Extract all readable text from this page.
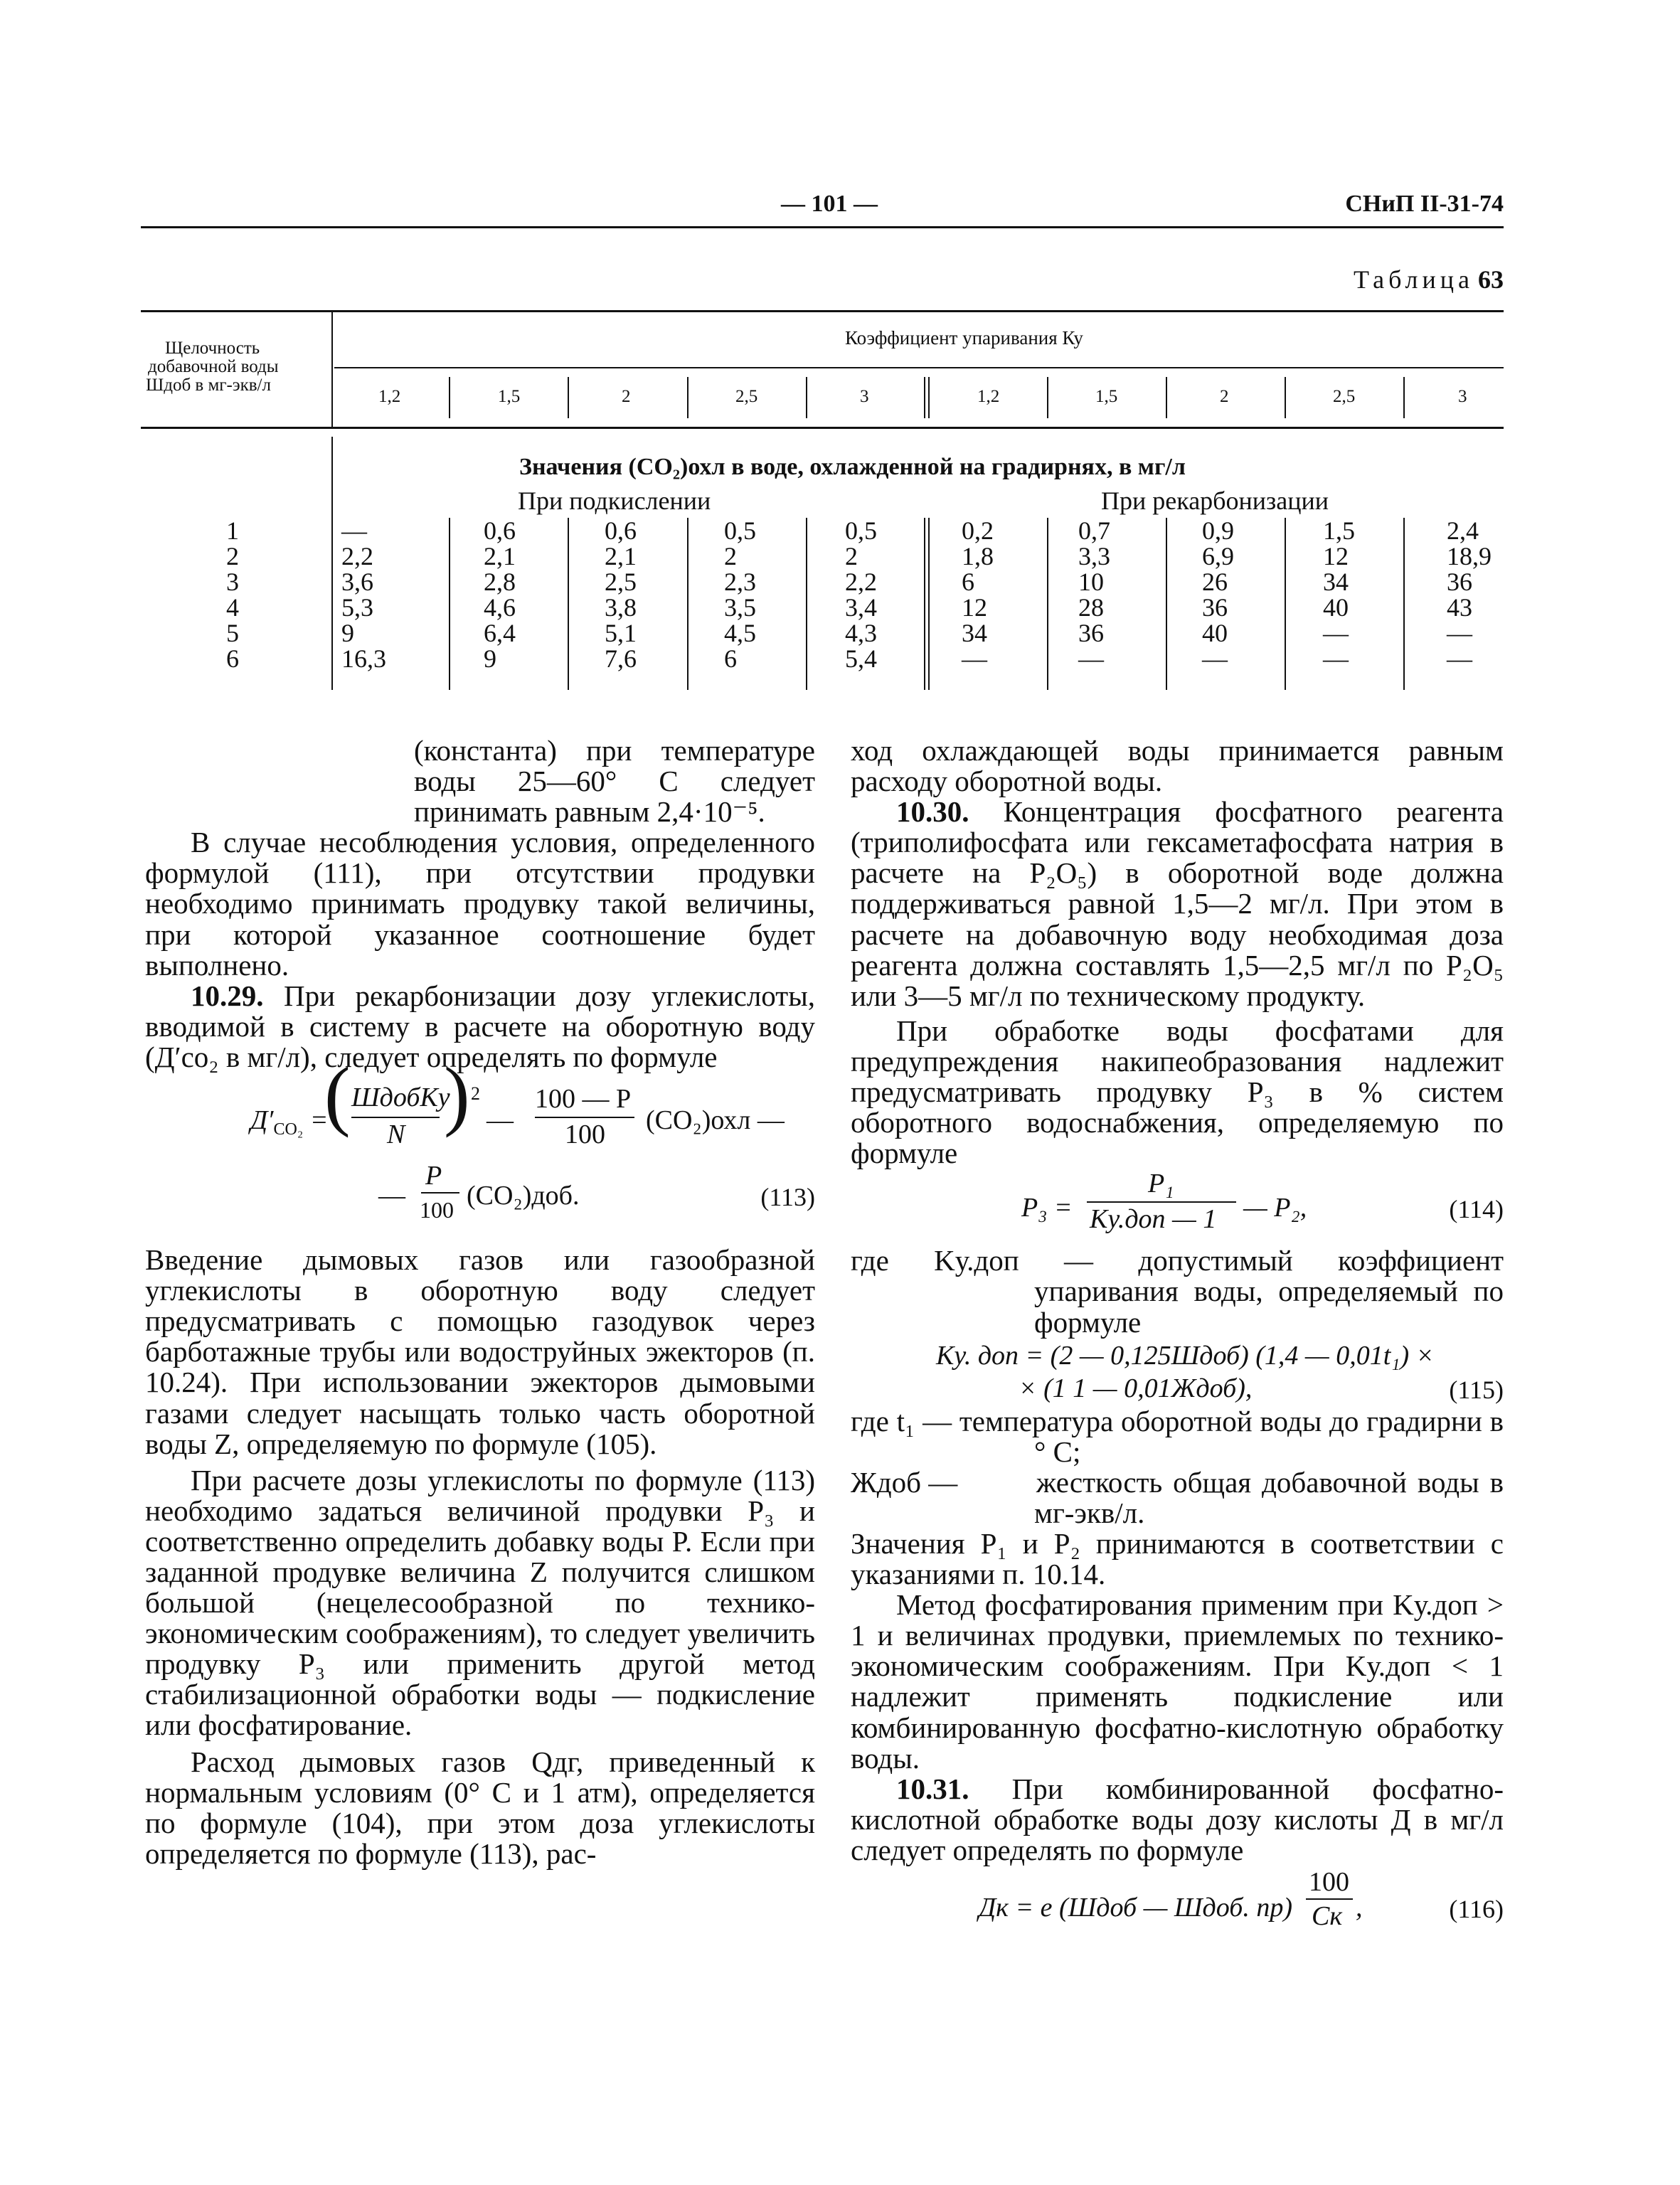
— 101 —	СНиП II-31-74
Таблица 63
Щелочность
добавочной воды
Шдоб в мг-экв/л
Коэффициент упаривания Ку
1,2	1,5	2	2,5	3	1,2	1,5	2	2,5	3
Значения (CO₂)охл в воде, охлажденной на градирнях, в мг/л
При подкислении	При рекарбонизации
1	—	0,6	0,6	0,5	0,5	0,2	0,7	0,9	1,5	2,4
2	2,2	2,1	2,1	2	2	1,8	3,3	6,9	12	18,9
3	3,6	2,8	2,5	2,3	2,2	6	10	26	34	36
4	5,3	4,6	3,8	3,5	3,4	12	28	36	40	43
5	9	6,4	5,1	4,5	4,3	34	36	40	—	—
6	16,3	9	7,6	6	5,4	—	—	—	—	—

(константа) при температуре воды 25—60° С следует принимать равным 2,4·10⁻⁵.

В случае несоблюдения условия, определенного формулой (111), при отсутствии продувки необходимо принимать продувку такой величины, при которой указанное соотношение будет выполнено.

10.29. При рекарбонизации дозу углекислоты, вводимой в систему в расчете на оборотную воду (Д′co₂ в мг/л), следует определять по формуле

$Д'_{CO_2}$ =
( ШдобKу
N ) 2
—
100 — P
100 (CO₂)охл —
—
P
100 (CO₂)доб.	(113)

Введение дымовых газов или газообразной углекислоты в оборотную воду следует предусматривать с помощью газодувок через барботажные трубы или водоструйных эжекторов (п. 10.24). При использовании эжекторов дымовыми газами следует насыщать только часть оборотной воды Z, определяемую по формуле (105).

При расчете дозы углекислоты по формуле (113) необходимо задаться величиной продувки P₃ и соответственно определить добавку воды P. Если при заданной продувке величина Z получится слишком большой (нецелесообразной по технико-экономическим соображениям), то следует увеличить продувку P₃ или применить другой метод стабилизационной обработки воды — подкисление или фосфатирование.

Расход дымовых газов Qдг, приведенный к нормальным условиям (0° С и 1 атм), определяется по формуле (104), при этом доза углекислоты определяется по формуле (113), рас-

ход охлаждающей воды принимается равным расходу оборотной воды.

10.30. Концентрация фосфатного реагента (триполифосфата или гексаметафосфата натрия в расчете на P₂O₅) в оборотной воде должна поддерживаться равной 1,5—2 мг/л. При этом в расчете на добавочную воду необходимая доза реагента должна составлять 1,5—2,5 мг/л по P₂O₅ или 3—5 мг/л по техническому продукту.

При обработке воды фосфатами для предупреждения накипеобразования надлежит предусматривать продувку P₃ в % систем оборотного водоснабжения, определяемую по формуле

P₃ =
P₁
Kу.доп — 1 — P₂,	(114)

где Kу.доп — допустимый коэффициент упаривания воды, определяемый по формуле

Kу. доп = (2 — 0,125Шдоб) (1,4 — 0,01t₁) ×
× (1 1 — 0,01Ждоб),	(115)

где t₁ — температура оборотной воды до градирни в ° С;

Ждоб —	жесткость общая добавочной воды в мг-экв/л.

Значения P₁ и P₂ принимаются в соответствии с указаниями п. 10.14.

Метод фосфатирования применим при Kу.доп > 1 и величинах продувки, приемлемых по технико-экономическим соображениям. При Kу.доп < 1 надлежит применять подкисление или комбинированную фосфатно-кислотную обработку воды.

10.31. При комбинированной фосфатно-кислотной обработке воды дозу кислоты Д в мг/л следует определять по формуле

Дк = e (Шдоб — Шдоб. пр)
100
Cк ,	(116)
